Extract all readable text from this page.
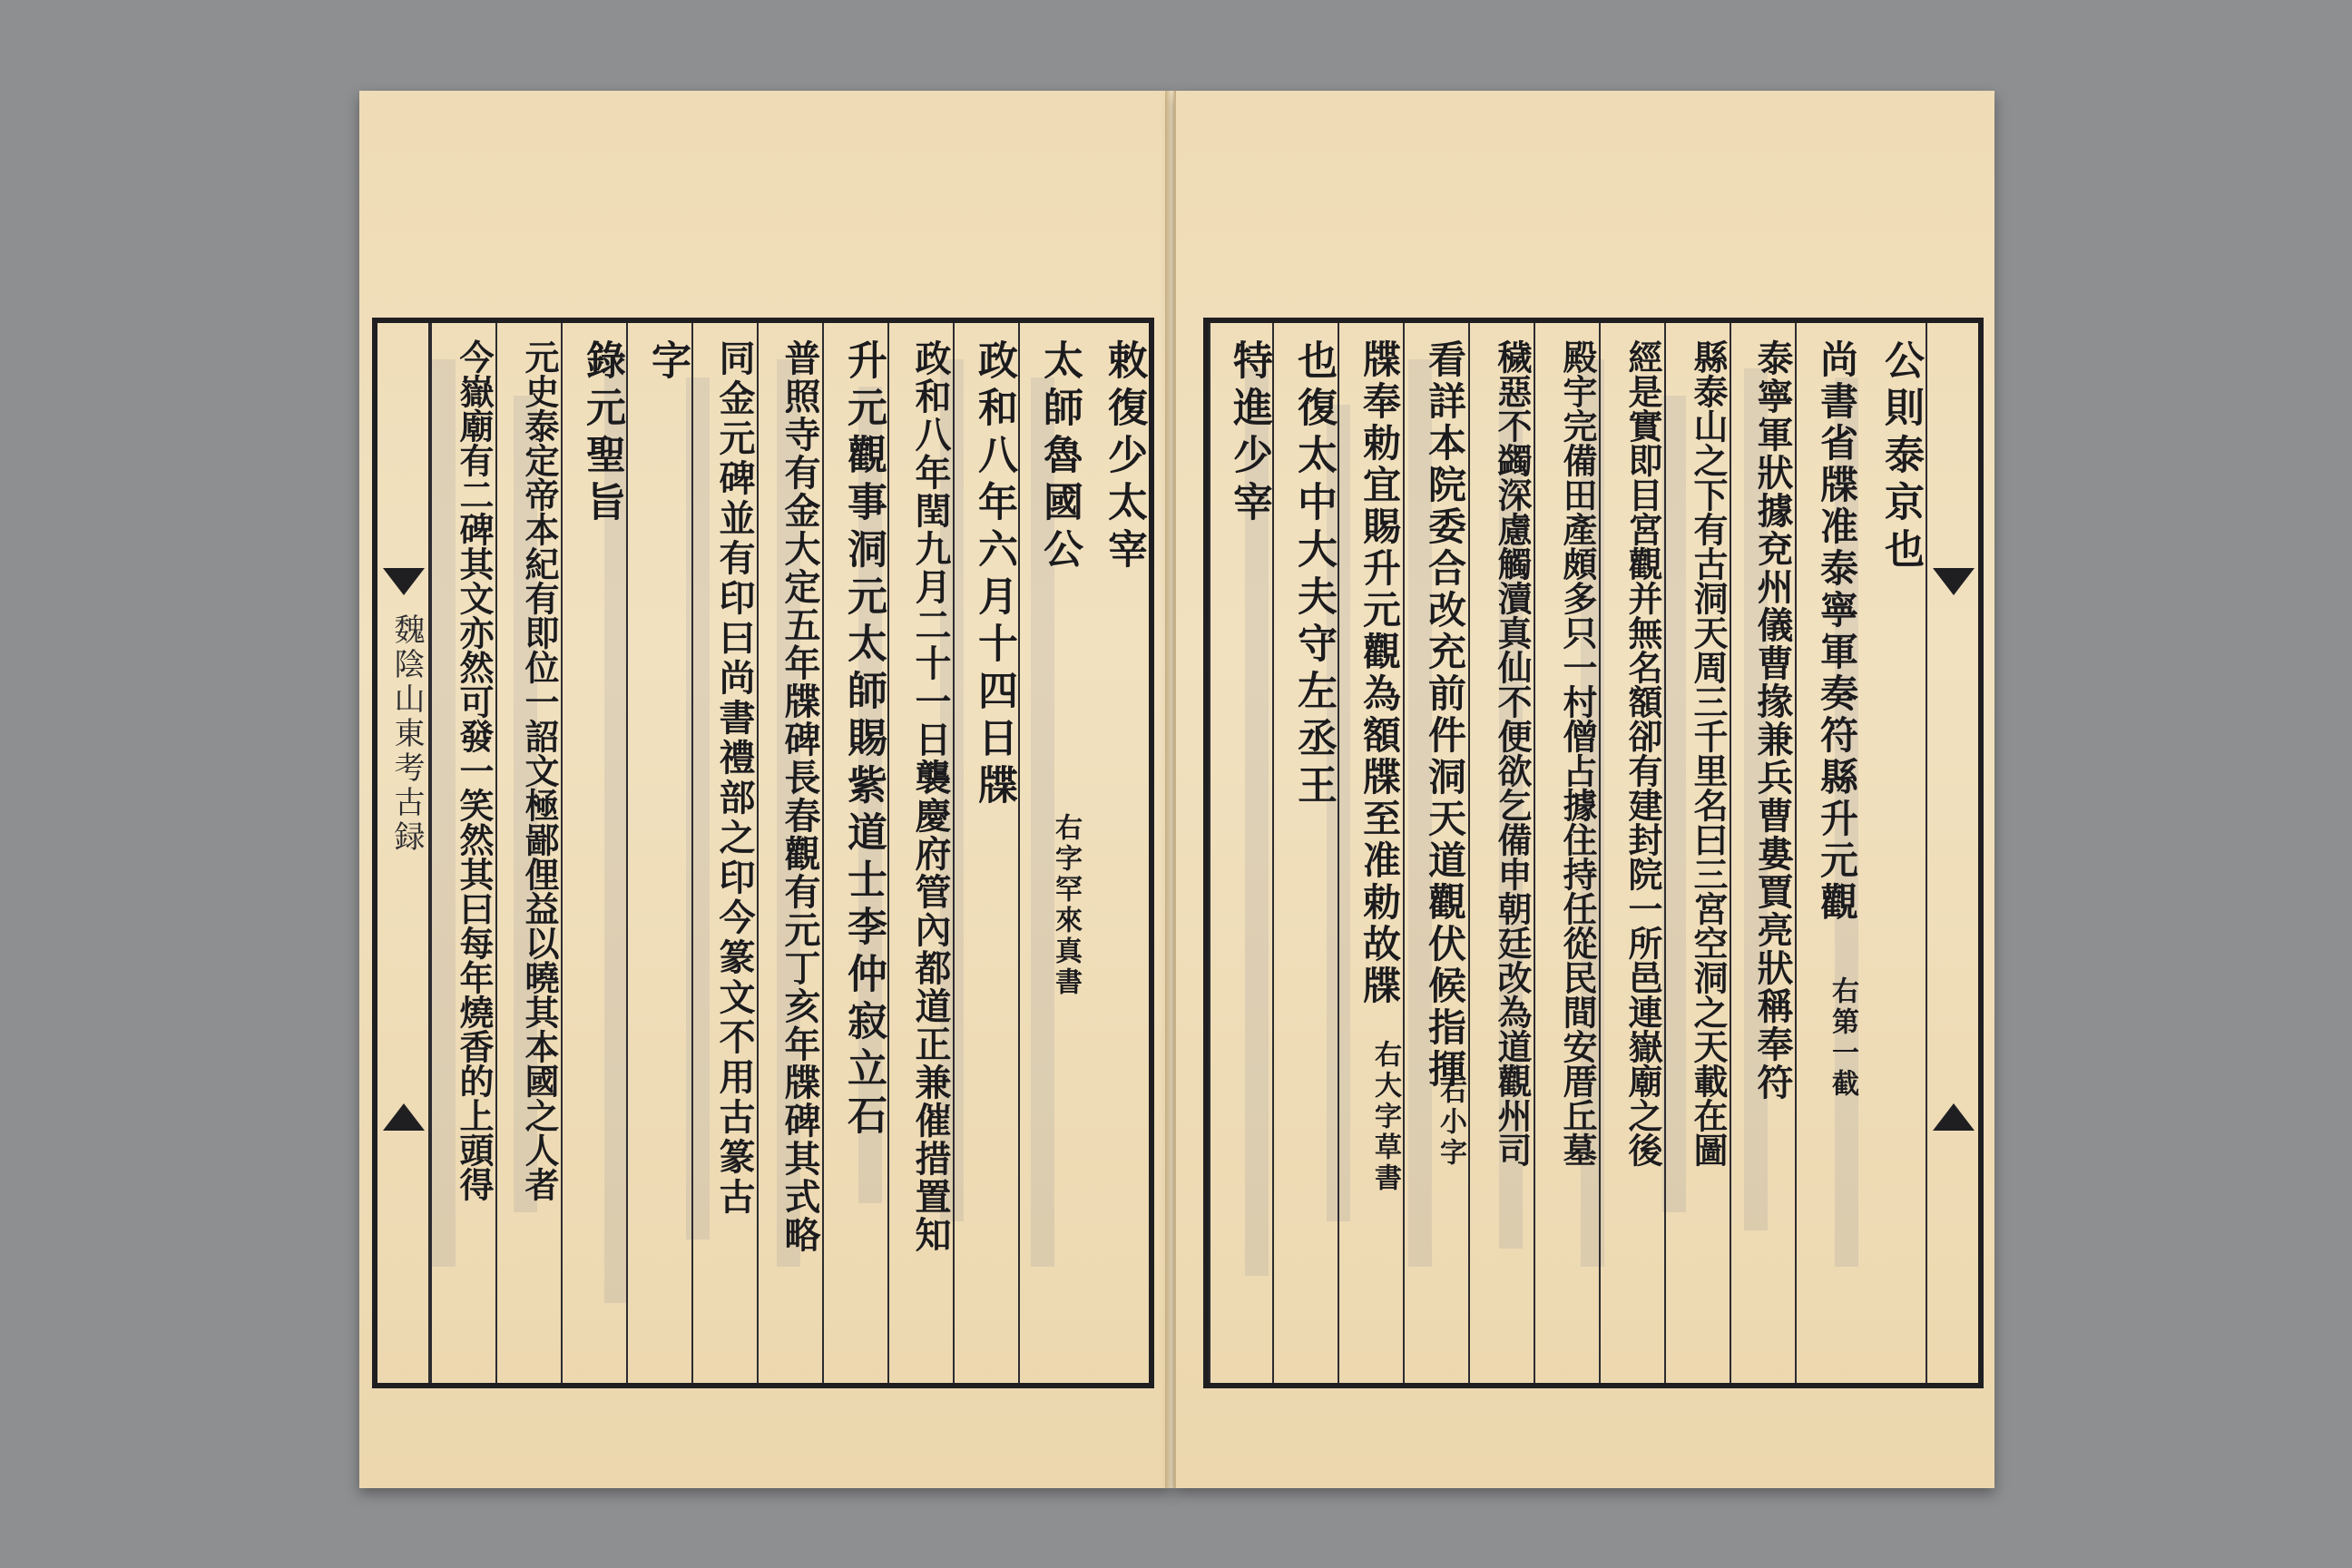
敕復少太宰
太師魯國公
右字罕來真書
政和八年六月十四日牒
政和八年閏九月二十一日襲慶府管內都道正兼催措置知
升元觀事洞元太師賜紫道士李仲寂立石
普照寺有金大定五年牒碑長春觀有元丁亥年牒碑其式略
同金元碑並有印曰尚書禮部之印今篆文不用古篆古
字
錄元聖旨
元史泰定帝本紀有即位一詔文極鄙俚益以曉其本國之人者
今嶽廟有二碑其文亦然可發一笑然其曰每年燒香的上頭得
魏陰山東考古録
公則泰京也
尚書省牒准泰寧軍奏符縣升元觀
右第一截
泰寧軍狀據兗州儀曹掾兼兵曹婁賈亮狀稱奉符
縣泰山之下有古洞天周三千里名曰三宮空洞之天載在圖
經是實即目宮觀并無名額卻有建封院一所邑連嶽廟之後
殿宇完備田產頗多只一村僧占據住持任從民間安厝丘墓
穢惡不蠲深慮觸瀆真仙不便欲乞備申朝廷改為道觀州司
看詳本院委合改充前件洞天道觀伏候指揮
右小字
牒奉勅宜賜升元觀為額牒至准勅故牒
右大字草書
也復太中大夫守左丞王
特進少宰
